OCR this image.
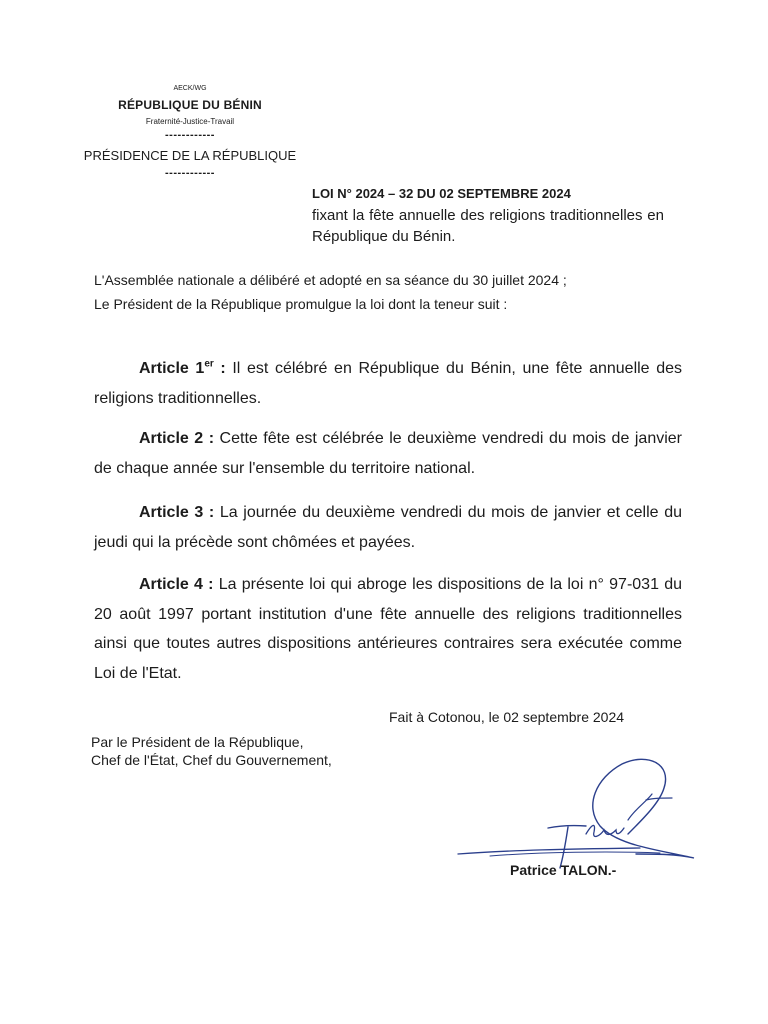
AECK/WG
RÉPUBLIQUE DU BÉNIN
Fraternité-Justice-Travail
------------
PRÉSIDENCE DE LA RÉPUBLIQUE
------------
LOI N° 2024 – 32 DU 02 SEPTEMBRE 2024
fixant la fête annuelle des religions traditionnelles en République du Bénin.
L'Assemblée nationale a délibéré et adopté en sa séance du 30 juillet 2024 ;
Le Président de la République promulgue la loi dont la teneur suit :

Article 1er : Il est célébré en République du Bénin, une fête annuelle des religions traditionnelles.

Article 2 : Cette fête est célébrée le deuxième vendredi du mois de janvier de chaque année sur l'ensemble du territoire national.

Article 3 : La journée du deuxième vendredi du mois de janvier et celle du jeudi qui la précède sont chômées et payées.

Article 4 : La présente loi qui abroge les dispositions de la loi n° 97-031 du 20 août 1997 portant institution d'une fête annuelle des religions traditionnelles ainsi que toutes autres dispositions antérieures contraires sera exécutée comme Loi de l'Etat.

Fait à Cotonou, le 02 septembre 2024
Par le Président de la République,
Chef de l'État, Chef du Gouvernement,
Patrice TALON.-
